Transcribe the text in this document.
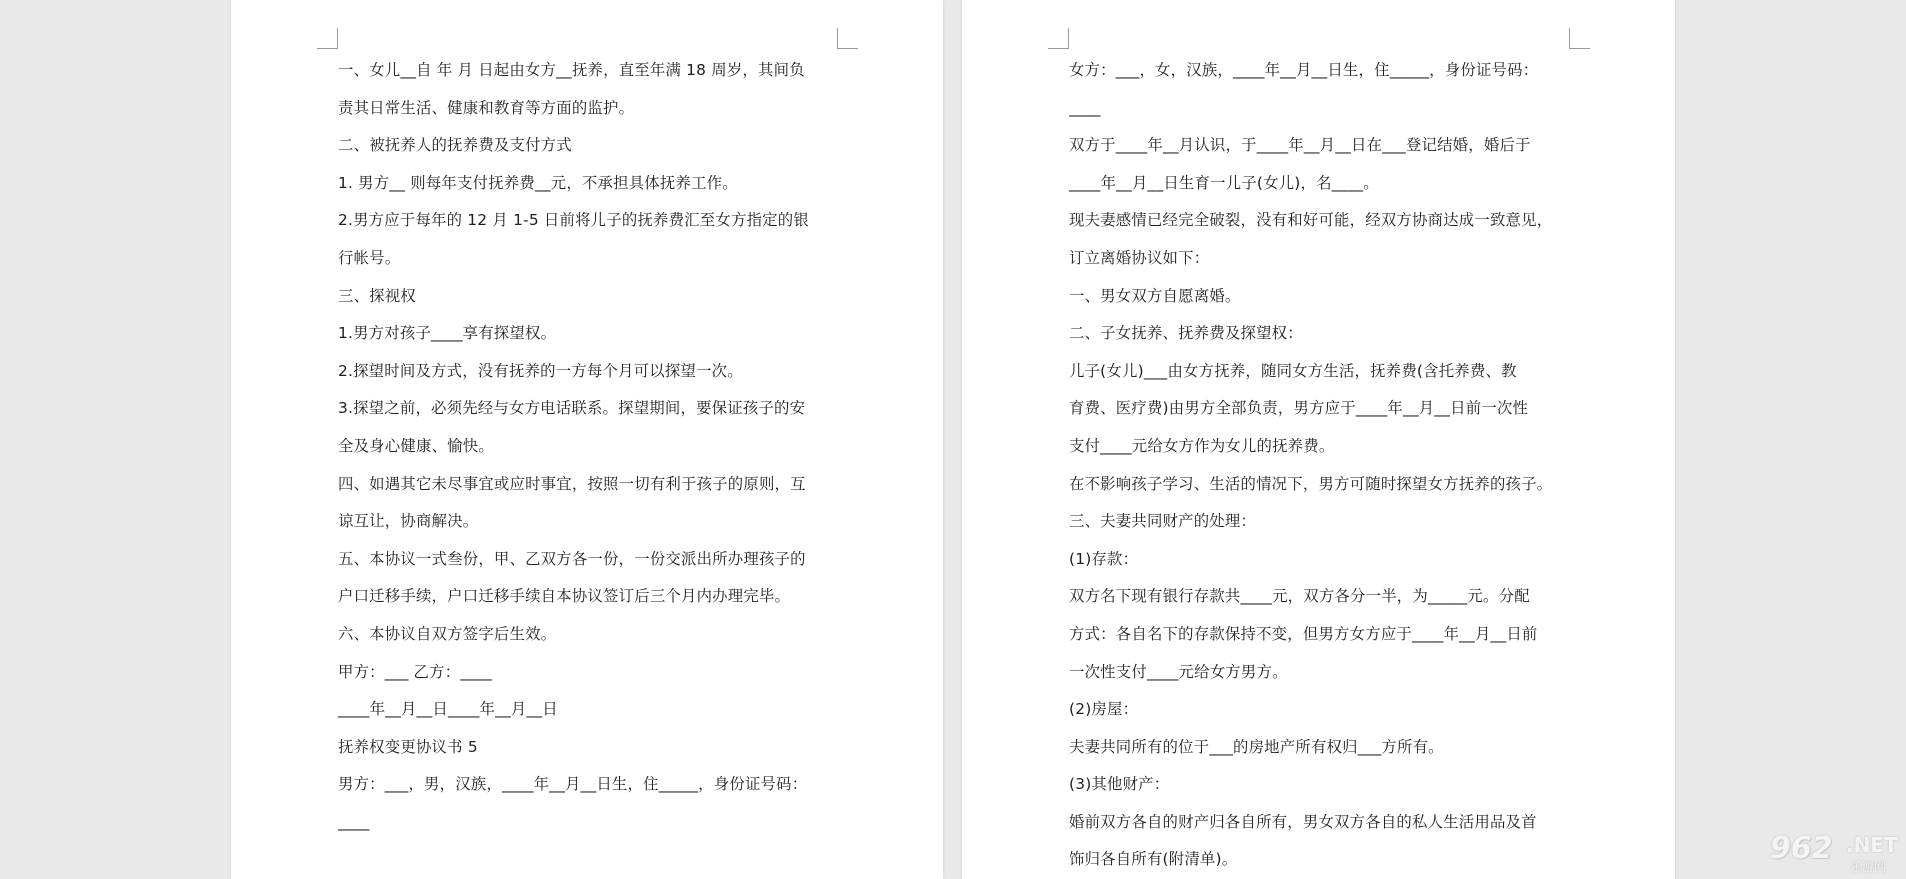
一、女儿__自 年 月 日起由女方__抚养，直至年满 18 周岁，其间负
责其日常生活、健康和教育等方面的监护。
二、被抚养人的抚养费及支付方式
1. 男方__ 则每年支付抚养费__元，不承担具体抚养工作。
2.男方应于每年的 12 月 1-5 日前将儿子的抚养费汇至女方指定的银
行帐号。
三、探视权
1.男方对孩子____享有探望权。
2.探望时间及方式，没有抚养的一方每个月可以探望一次。
3.探望之前，必须先经与女方电话联系。探望期间，要保证孩子的安
全及身心健康、愉快。
四、如遇其它未尽事宜或应时事宜，按照一切有利于孩子的原则，互
谅互让，协商解决。
五、本协议一式叁份，甲、乙双方各一份，一份交派出所办理孩子的
户口迁移手续，户口迁移手续自本协议签订后三个月内办理完毕。
六、本协议自双方签字后生效。
甲方：___ 乙方：____
____年__月__日____年__月__日
抚养权变更协议书 5
男方：___，男，汉族，____年__月__日生，住_____，身份证号码：
____
女方：___，女，汉族，____年__月__日生，住_____，身份证号码：
____
双方于____年__月认识，于____年__月__日在___登记结婚，婚后于
____年__月__日生育一儿子(女儿)，名____。
现夫妻感情已经完全破裂，没有和好可能，经双方协商达成一致意见，
订立离婚协议如下：
一、男女双方自愿离婚。
二、子女抚养、抚养费及探望权：
儿子(女儿)___由女方抚养，随同女方生活，抚养费(含托养费、教
育费、医疗费)由男方全部负责，男方应于____年__月__日前一次性
支付____元给女方作为女儿的抚养费。
在不影响孩子学习、生活的情况下，男方可随时探望女方抚养的孩子。
三、夫妻共同财产的处理：
(1)存款：
双方名下现有银行存款共____元，双方各分一半，为_____元。分配
方式：各自名下的存款保持不变，但男方女方应于____年__月__日前
一次性支付____元给女方男方。
(2)房屋：
夫妻共同所有的位于___的房地产所有权归___方所有。
(3)其他财产：
婚前双方各自的财产归各自所有，男女双方各自的私人生活用品及首
饰归各自所有(附清单)。	962 .NET
乐游网
